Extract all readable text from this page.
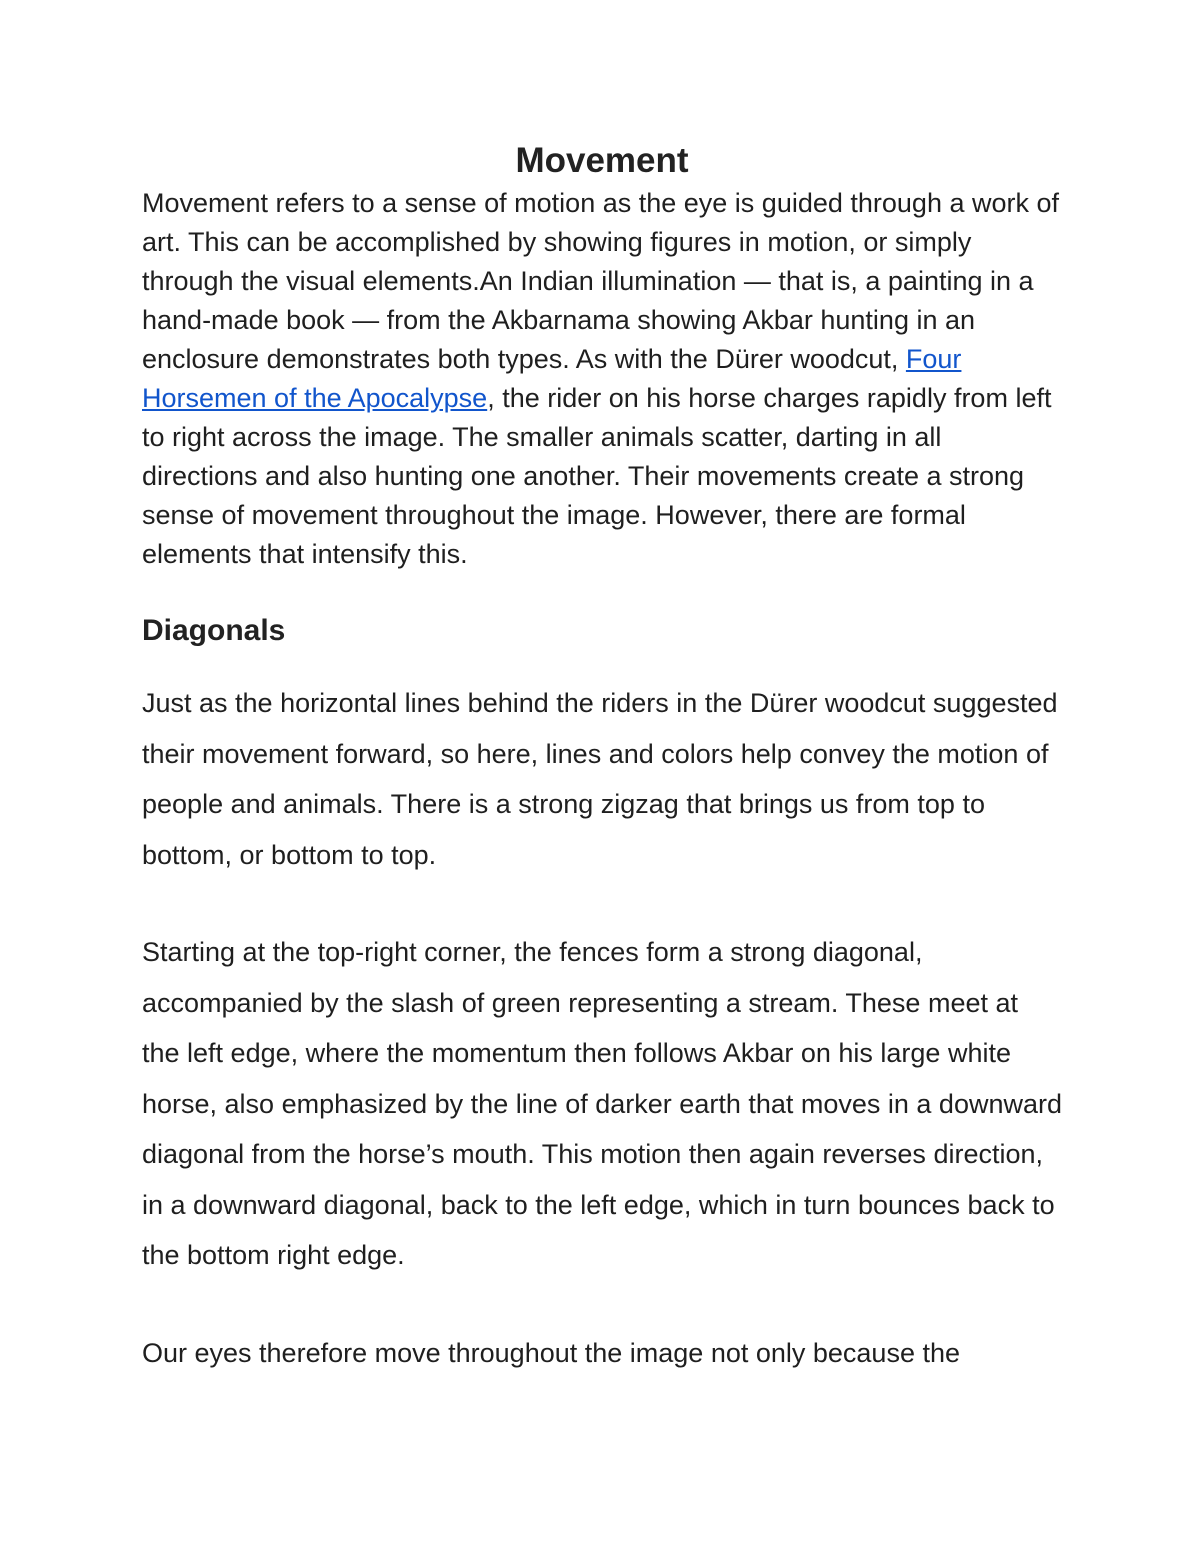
Movement

Movement refers to a sense of motion as the eye is guided through a work of art. This can be accomplished by showing figures in motion, or simply through the visual elements.An Indian illumination — that is, a painting in a hand-made book — from the Akbarnama showing Akbar hunting in an enclosure demonstrates both types. As with the Dürer woodcut, Four Horsemen of the Apocalypse, the rider on his horse charges rapidly from left to right across the image. The smaller animals scatter, darting in all directions and also hunting one another. Their movements create a strong sense of movement throughout the image. However, there are formal elements that intensify this.

Diagonals

Just as the horizontal lines behind the riders in the Dürer woodcut suggested their movement forward, so here, lines and colors help convey the motion of people and animals. There is a strong zigzag that brings us from top to bottom, or bottom to top.

Starting at the top-right corner, the fences form a strong diagonal, accompanied by the slash of green representing a stream. These meet at the left edge, where the momentum then follows Akbar on his large white horse, also emphasized by the line of darker earth that moves in a downward diagonal from the horse’s mouth. This motion then again reverses direction, in a downward diagonal, back to the left edge, which in turn bounces back to the bottom right edge.

Our eyes therefore move throughout the image not only because the
